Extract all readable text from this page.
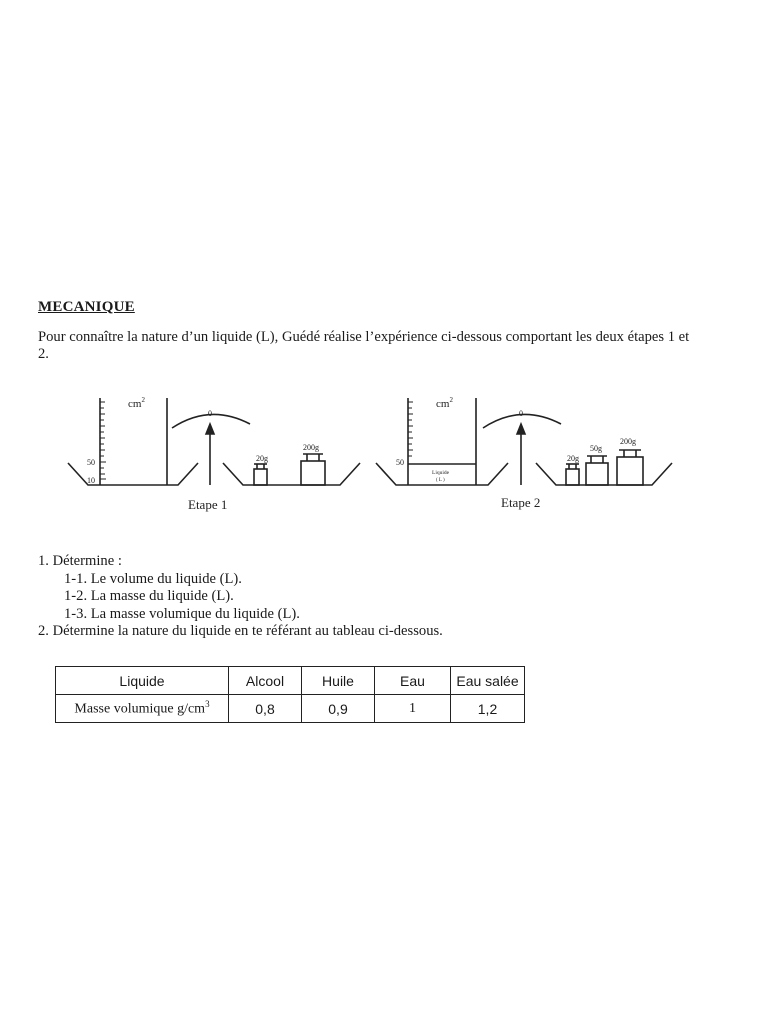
MECANIQUE
Pour connaître la nature d’un liquide (L), Guédé réalise l’expérience ci-dessous comportant les deux étapes 1 et 2.
$cm^2$
50
10
0
20g
200g
Etape 1
$cm^2$
50
Liquide
( L )
0
20g
50g
200g
Etape 2
1. Détermine :
1-1. Le volume du liquide (L).
1-2. La masse du liquide (L).
1-3. La masse volumique du liquide (L).
2. Détermine la nature du liquide en te référant au tableau ci-dessous.
Liquide	Alcool	Huile	Eau	Eau salée
Masse volumique $g/cm^3$	0,8	0,9	1	1,2
